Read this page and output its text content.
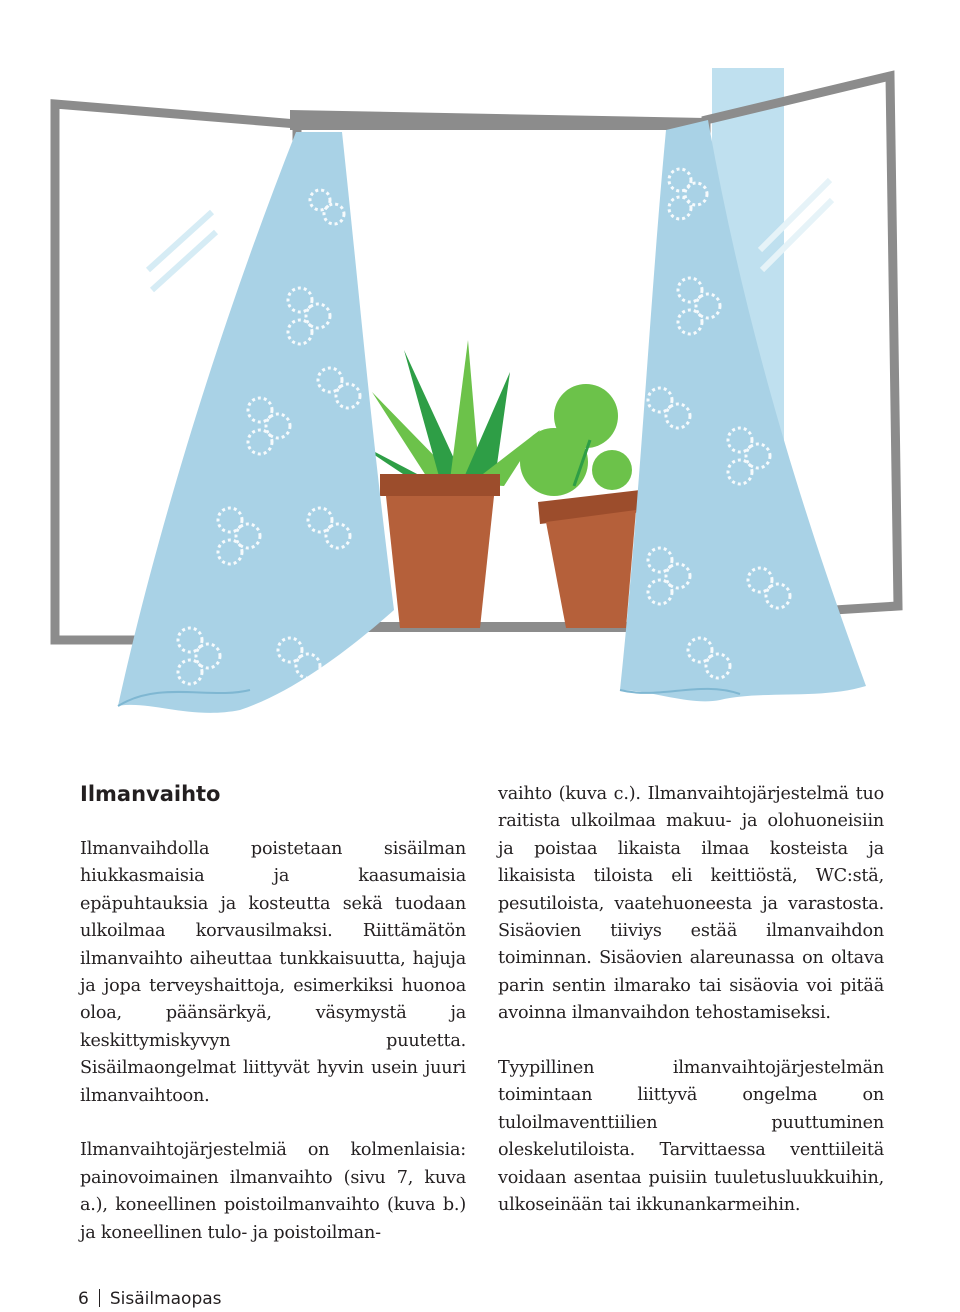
Ilmanvaihto

Ilmanvaihdolla poistetaan sisäilman hiukkasmaisia ja kaasumaisia epäpuhtauksia ja kosteutta sekä tuodaan ulkoilmaa korvausilmaksi. Riittämätön ilmanvaihto aiheuttaa tunkkaisuutta, hajuja ja jopa terveyshaittoja, esimerkiksi huonoa oloa, päänsärkyä, väsymystä ja keskittymiskyvyn puutetta. Sisäilmaongelmat liittyvät hyvin usein juuri ilmanvaihtoon.

Ilmanvaihtojärjestelmiä on kolmenlaisia: painovoimainen ilmanvaihto (sivu 7, kuva a.), koneellinen poistoilmanvaihto (kuva b.) ja koneellinen tulo- ja poistoilman-

vaihto (kuva c.). Ilmanvaihtojärjestelmä tuo raitista ulkoilmaa makuu- ja olohuoneisiin ja poistaa likaista ilmaa kosteista ja likaisista tiloista eli keittiöstä, WC:stä, pesutiloista, vaatehuoneesta ja varastosta. Sisäovien tiiviys estää ilmanvaihdon toiminnan. Sisäovien alareunassa on oltava parin sentin ilmarako tai sisäovia voi pitää avoinna ilmanvaihdon tehostamiseksi.

Tyypillinen ilmanvaihtojärjestelmän toimintaan liittyvä ongelma on tuloilmaventtiilien puuttuminen oleskelutiloista. Tarvittaessa venttiileitä voidaan asentaa puisiin tuuletusluukkuihin, ulkoseinään tai ikkunankarmeihin.

6 Sisäilmaopas
